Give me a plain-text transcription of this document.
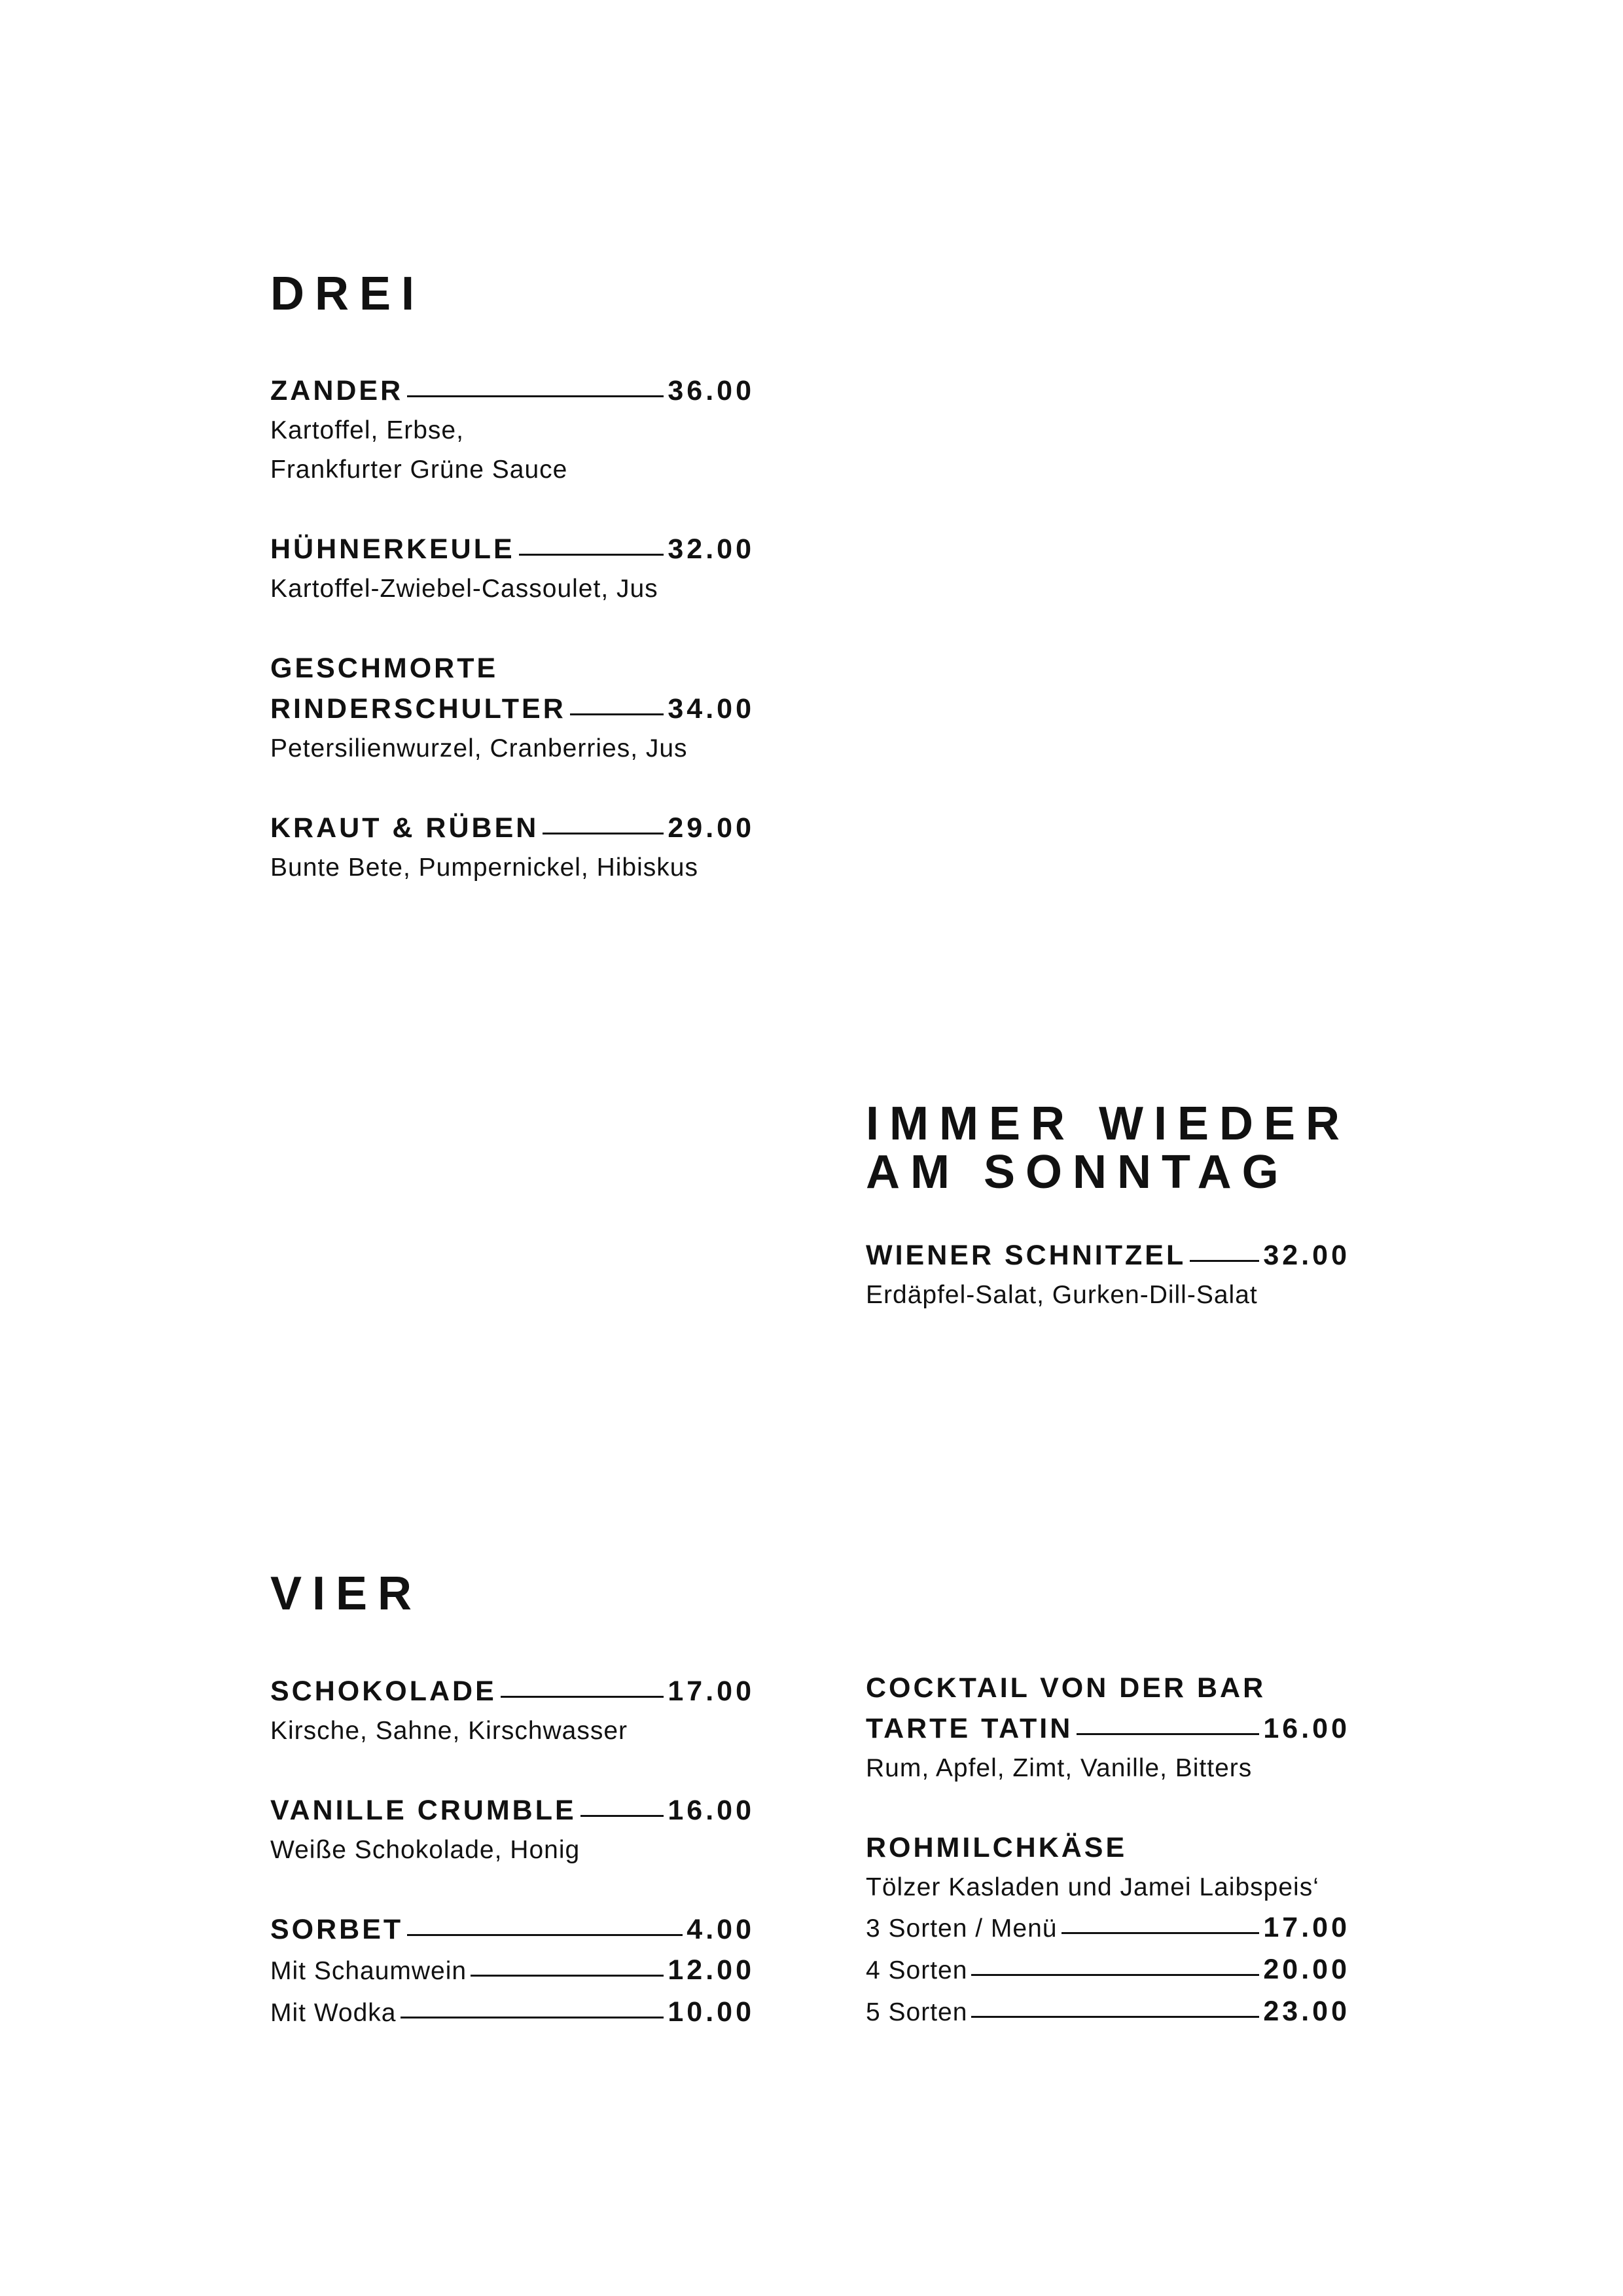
DREI
ZANDER	36.00
Kartoffel, Erbse,
Frankfurter Grüne Sauce
HÜHNERKEULE	32.00
Kartoffel-Zwiebel-Cassoulet, Jus
GESCHMORTE
RINDERSCHULTER	34.00
Petersilienwurzel, Cranberries, Jus
KRAUT & RÜBEN	29.00
Bunte Bete, Pumpernickel, Hibiskus
IMMER WIEDER
AM SONNTAG
WIENER SCHNITZEL	32.00
Erdäpfel-Salat, Gurken-Dill-Salat
VIER
SCHOKOLADE	17.00
Kirsche, Sahne, Kirschwasser
VANILLE CRUMBLE	16.00
Weiße Schokolade, Honig
SORBET	4.00
Mit Schaumwein	12.00
Mit Wodka	10.00
COCKTAIL VON DER BAR
TARTE TATIN	16.00
Rum, Apfel, Zimt, Vanille, Bitters
ROHMILCHKÄSE
Tölzer Kasladen und Jamei Laibspeis‘
3 Sorten / Menü	17.00
4 Sorten	20.00
5 Sorten	23.00
